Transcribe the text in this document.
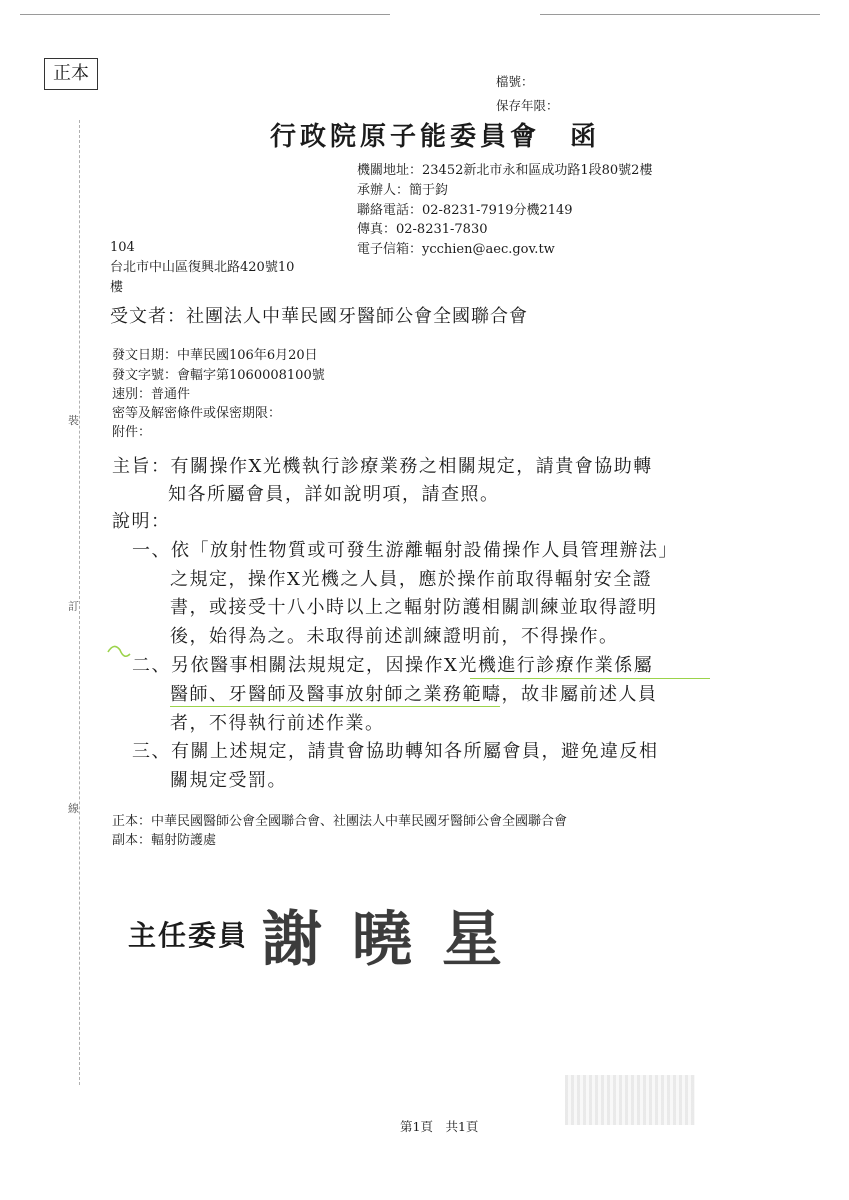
裝
訂
線
正本	檔號：
保存年限：
行政院原子能委員會　函
機關地址：23452新北市永和區成功路1段80號2樓
承辦人：簡于鈞
聯絡電話：02-8231-7919分機2149
傳真：02-8231-7830
電子信箱：ycchien@aec.gov.tw
104
台北市中山區復興北路420號10
樓
受文者：社團法人中華民國牙醫師公會全國聯合會
發文日期：中華民國106年6月20日
發文字號：會輻字第1060008100號
速別：普通件
密等及解密條件或保密期限：
附件：
主旨：有關操作X光機執行診療業務之相關規定，請貴會協助轉
知各所屬會員，詳如說明項，請查照。
說明：
一、依「放射性物質或可發生游離輻射設備操作人員管理辦法」
之規定，操作X光機之人員，應於操作前取得輻射安全證
書，或接受十八小時以上之輻射防護相關訓練並取得證明
後，始得為之。未取得前述訓練證明前，不得操作。
二、另依醫事相關法規規定，因操作X光機進行診療作業係屬
醫師、牙醫師及醫事放射師之業務範疇，故非屬前述人員
者，不得執行前述作業。
三、有關上述規定，請貴會協助轉知各所屬會員，避免違反相
關規定受罰。
正本：中華民國醫師公會全國聯合會、社團法人中華民國牙醫師公會全國聯合會
副本：輻射防護處
主任委員 謝曉星
第1頁　共1頁
